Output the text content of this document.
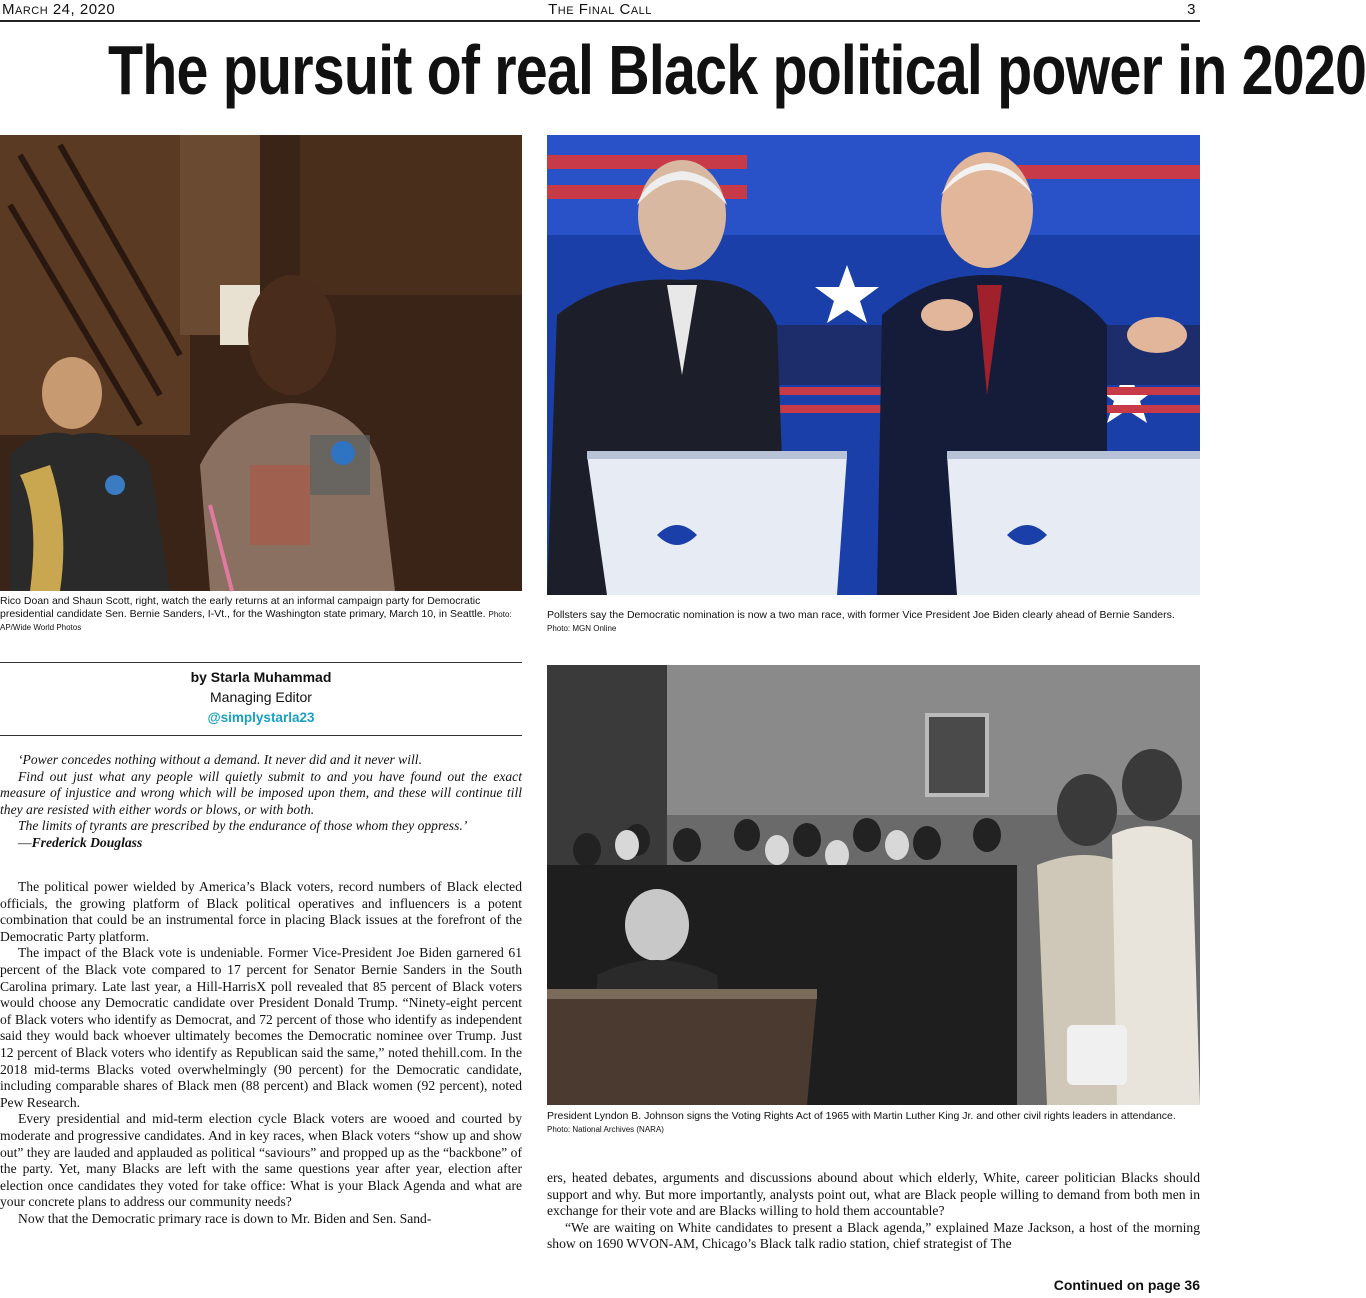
March 24, 2020	The Final Call	3
The pursuit of real Black political power in 2020
Rico Doan and Shaun Scott, right, watch the early returns at an informal campaign party for Democratic presidential candidate Sen. Bernie Sanders, I-Vt., for the Washington state primary, March 10, in Seattle. Photo: AP/Wide World Photos
Pollsters say the Democratic nomination is now a two man race, with former Vice President Joe Biden clearly ahead of Bernie Sanders. Photo: MGN Online
by Starla Muhammad
Managing Editor
@simplystarla23

‘Power concedes nothing without a demand. It never did and it never will.

Find out just what any people will quietly submit to and you have found out the exact measure of injustice and wrong which will be imposed upon them, and these will continue till they are resisted with either words or blows, or with both.

The limits of tyrants are prescribed by the endurance of those whom they oppress.’

—Frederick Douglass

The political power wielded by America’s Black voters, record numbers of Black elected officials, the growing platform of Black political operatives and influencers is a potent combination that could be an instrumental force in placing Black issues at the forefront of the Democratic Party platform.

The impact of the Black vote is undeniable. Former Vice-President Joe Biden garnered 61 percent of the Black vote compared to 17 percent for Senator Bernie Sanders in the South Carolina primary. Late last year, a Hill-HarrisX poll revealed that 85 percent of Black voters would choose any Democratic candidate over President Donald Trump. “Ninety-eight percent of Black voters who identify as Democrat, and 72 percent of those who identify as independent said they would back whoever ultimately becomes the Democratic nominee over Trump. Just 12 percent of Black voters who identify as Republican said the same,” noted thehill.com. In the 2018 mid-terms Blacks voted overwhelmingly (90 percent) for the Democratic candidate, including comparable shares of Black men (88 percent) and Black women (92 percent), noted Pew Research.

Every presidential and mid-term election cycle Black voters are wooed and courted by moderate and progressive candidates. And in key races, when Black voters “show up and show out” they are lauded and applauded as political “saviours” and propped up as the “backbone” of the party. Yet, many Blacks are left with the same questions year after year, election after election once candidates they voted for take office: What is your Black Agenda and what are your concrete plans to address our community needs?

Now that the Democratic primary race is down to Mr. Biden and Sen. Sand-

President Lyndon B. Johnson signs the Voting Rights Act of 1965 with Martin Luther King Jr. and other civil rights leaders in attendance. Photo: National Archives (NARA)

ers, heated debates, arguments and discussions abound about which elderly, White, career politician Blacks should support and why. But more importantly, analysts point out, what are Black people willing to demand from both men in exchange for their vote and are Blacks willing to hold them accountable?

“We are waiting on White candidates to present a Black agenda,” explained Maze Jackson, a host of the morning show on 1690 WVON-AM, Chicago’s Black talk radio station, chief strategist of The

Continued on page 36
